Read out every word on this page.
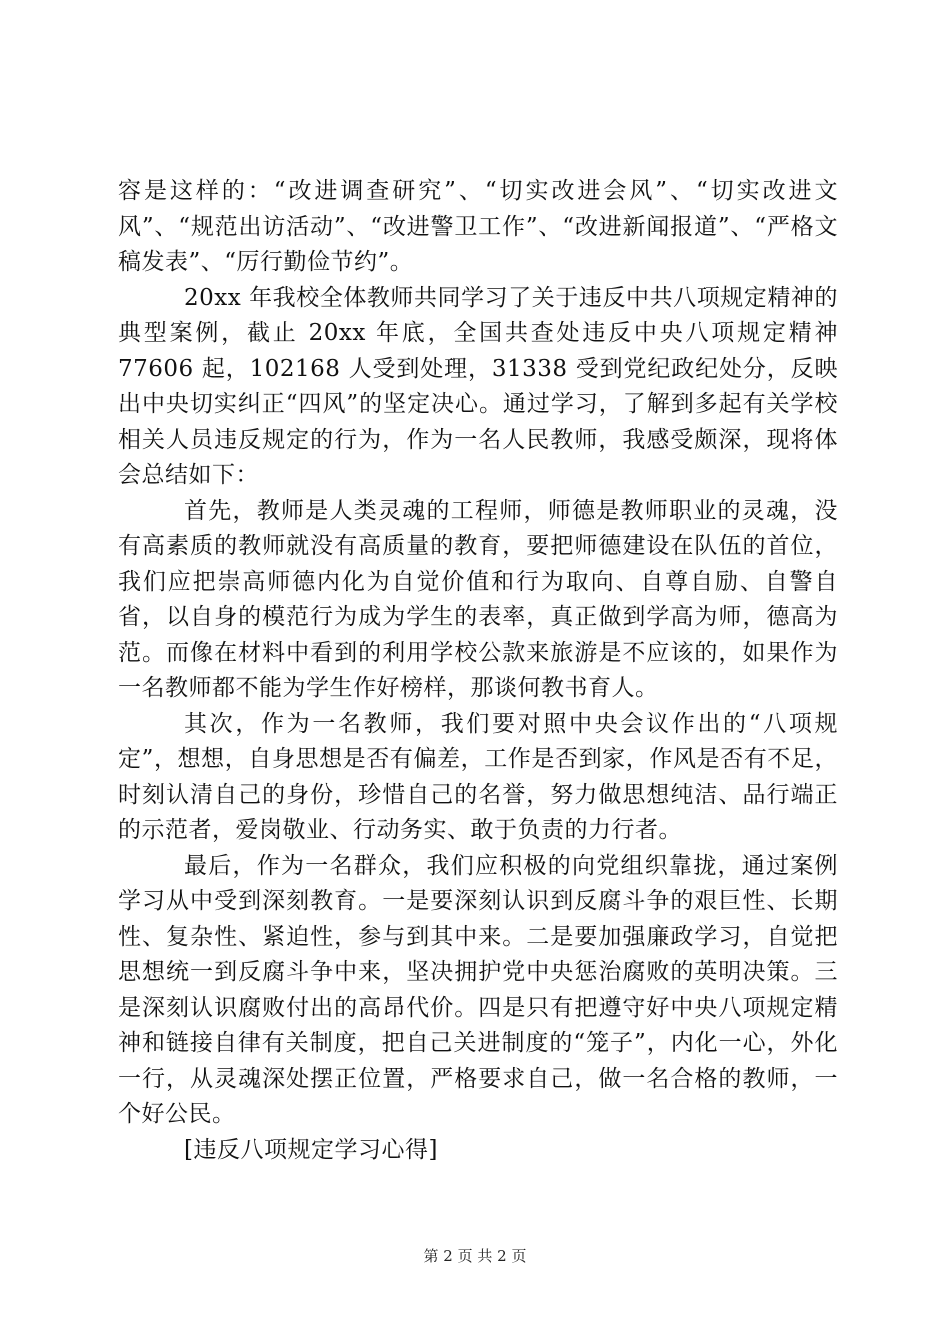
容是这样的：“改进调查研究”、“切实改进会风”、“切实改进文风”、“规范出访活动”、“改进警卫工作”、“改进新闻报道”、“严格文稿发表”、“厉行勤俭节约”。

20xx 年我校全体教师共同学习了关于违反中共八项规定精神的典型案例，截止 20xx 年底，全国共查处违反中央八项规定精神 77606 起，102168 人受到处理，31338 受到党纪政纪处分，反映出中央切实纠正“四风”的坚定决心。通过学习，了解到多起有关学校相关人员违反规定的行为，作为一名人民教师，我感受颇深，现将体会总结如下：

首先，教师是人类灵魂的工程师，师德是教师职业的灵魂，没有高素质的教师就没有高质量的教育，要把师德建设在队伍的首位，我们应把崇高师德内化为自觉价值和行为取向、自尊自励、自警自省，以自身的模范行为成为学生的表率，真正做到学高为师，德高为范。而像在材料中看到的利用学校公款来旅游是不应该的，如果作为一名教师都不能为学生作好榜样，那谈何教书育人。

其次，作为一名教师，我们要对照中央会议作出的“八项规定”，想想，自身思想是否有偏差，工作是否到家，作风是否有不足，时刻认清自己的身份，珍惜自己的名誉，努力做思想纯洁、品行端正的示范者，爱岗敬业、行动务实、敢于负责的力行者。

最后，作为一名群众，我们应积极的向党组织靠拢，通过案例学习从中受到深刻教育。一是要深刻认识到反腐斗争的艰巨性、长期性、复杂性、紧迫性，参与到其中来。二是要加强廉政学习，自觉把思想统一到反腐斗争中来，坚决拥护党中央惩治腐败的英明决策。三是深刻认识腐败付出的高昂代价。四是只有把遵守好中央八项规定精神和链接自律有关制度，把自己关进制度的“笼子”，内化一心，外化一行，从灵魂深处摆正位置，严格要求自己，做一名合格的教师，一个好公民。

[违反八项规定学习心得]

第 2 页 共 2 页
